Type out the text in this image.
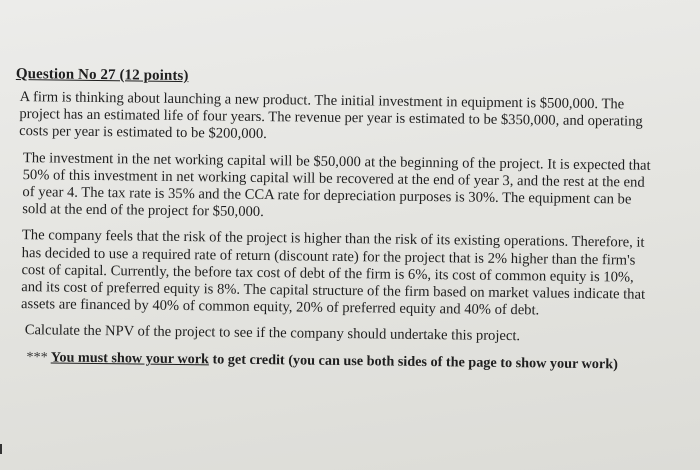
Question No 27 (12 points)

A firm is thinking about launching a new product. The initial investment in equipment is $500,000. The project has an estimated life of four years. The revenue per year is estimated to be $350,000, and operating costs per year is estimated to be $200,000.

The investment in the net working capital will be $50,000 at the beginning of the project. It is expected that 50% of this investment in net working capital will be recovered at the end of year 3, and the rest at the end of year 4. The tax rate is 35% and the CCA rate for depreciation purposes is 30%. The equipment can be sold at the end of the project for $50,000.

The company feels that the risk of the project is higher than the risk of its existing operations. Therefore, it has decided to use a required rate of return (discount rate) for the project that is 2% higher than the firm's cost of capital. Currently, the before tax cost of debt of the firm is 6%, its cost of common equity is 10%, and its cost of preferred equity is 8%. The capital structure of the firm based on market values indicate that assets are financed by 40% of common equity, 20% of preferred equity and 40% of debt.

Calculate the NPV of the project to see if the company should undertake this project.

*** You must show your work to get credit (you can use both sides of the page to show your work)
